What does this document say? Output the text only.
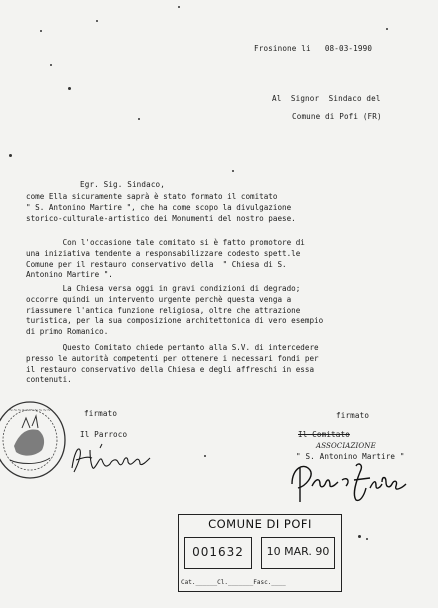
Frosinone li   08-03-1990
Al  Signor  Sindaco del
Comune di Pofi (FR)
Egr. Sig. Sindaco,
come Ella sicuramente saprà è stato formato il comitato
" S. Antonino Martire ", che ha come scopo la divulgazione
storico-culturale-artistico dei Monumenti del nostro paese.
Con l'occasione tale comitato si è fatto promotore di
una iniziativa tendente a responsabilizzare codesto spett.le
Comune per il restauro conservativo della  " Chiesa di S.
Antonino Martire ".
La Chiesa versa oggi in gravi condizioni di degrado;
occorre quindi un intervento urgente perchè questa venga a
riassumere l'antica funzione religiosa, oltre che attrazione
turistica, per la sua composizione architettonica di vero esempio
di primo Romanico.
Questo Comitato chiede pertanto alla S.V. di intercedere
presso le autorità competenti per ottenere i necessari fondi per
il restauro conservativo della Chiesa e degli affreschi in essa
contenuti.
firmato
Il Parroco
~~~~~~~~~~	firmato
Il Comitato
ASSOCIAZIONE
" S. Antonino Martire "
COMUNE DI POFI
001632	10 MAR. 90
Cat.______Cl._______Fasc.____
